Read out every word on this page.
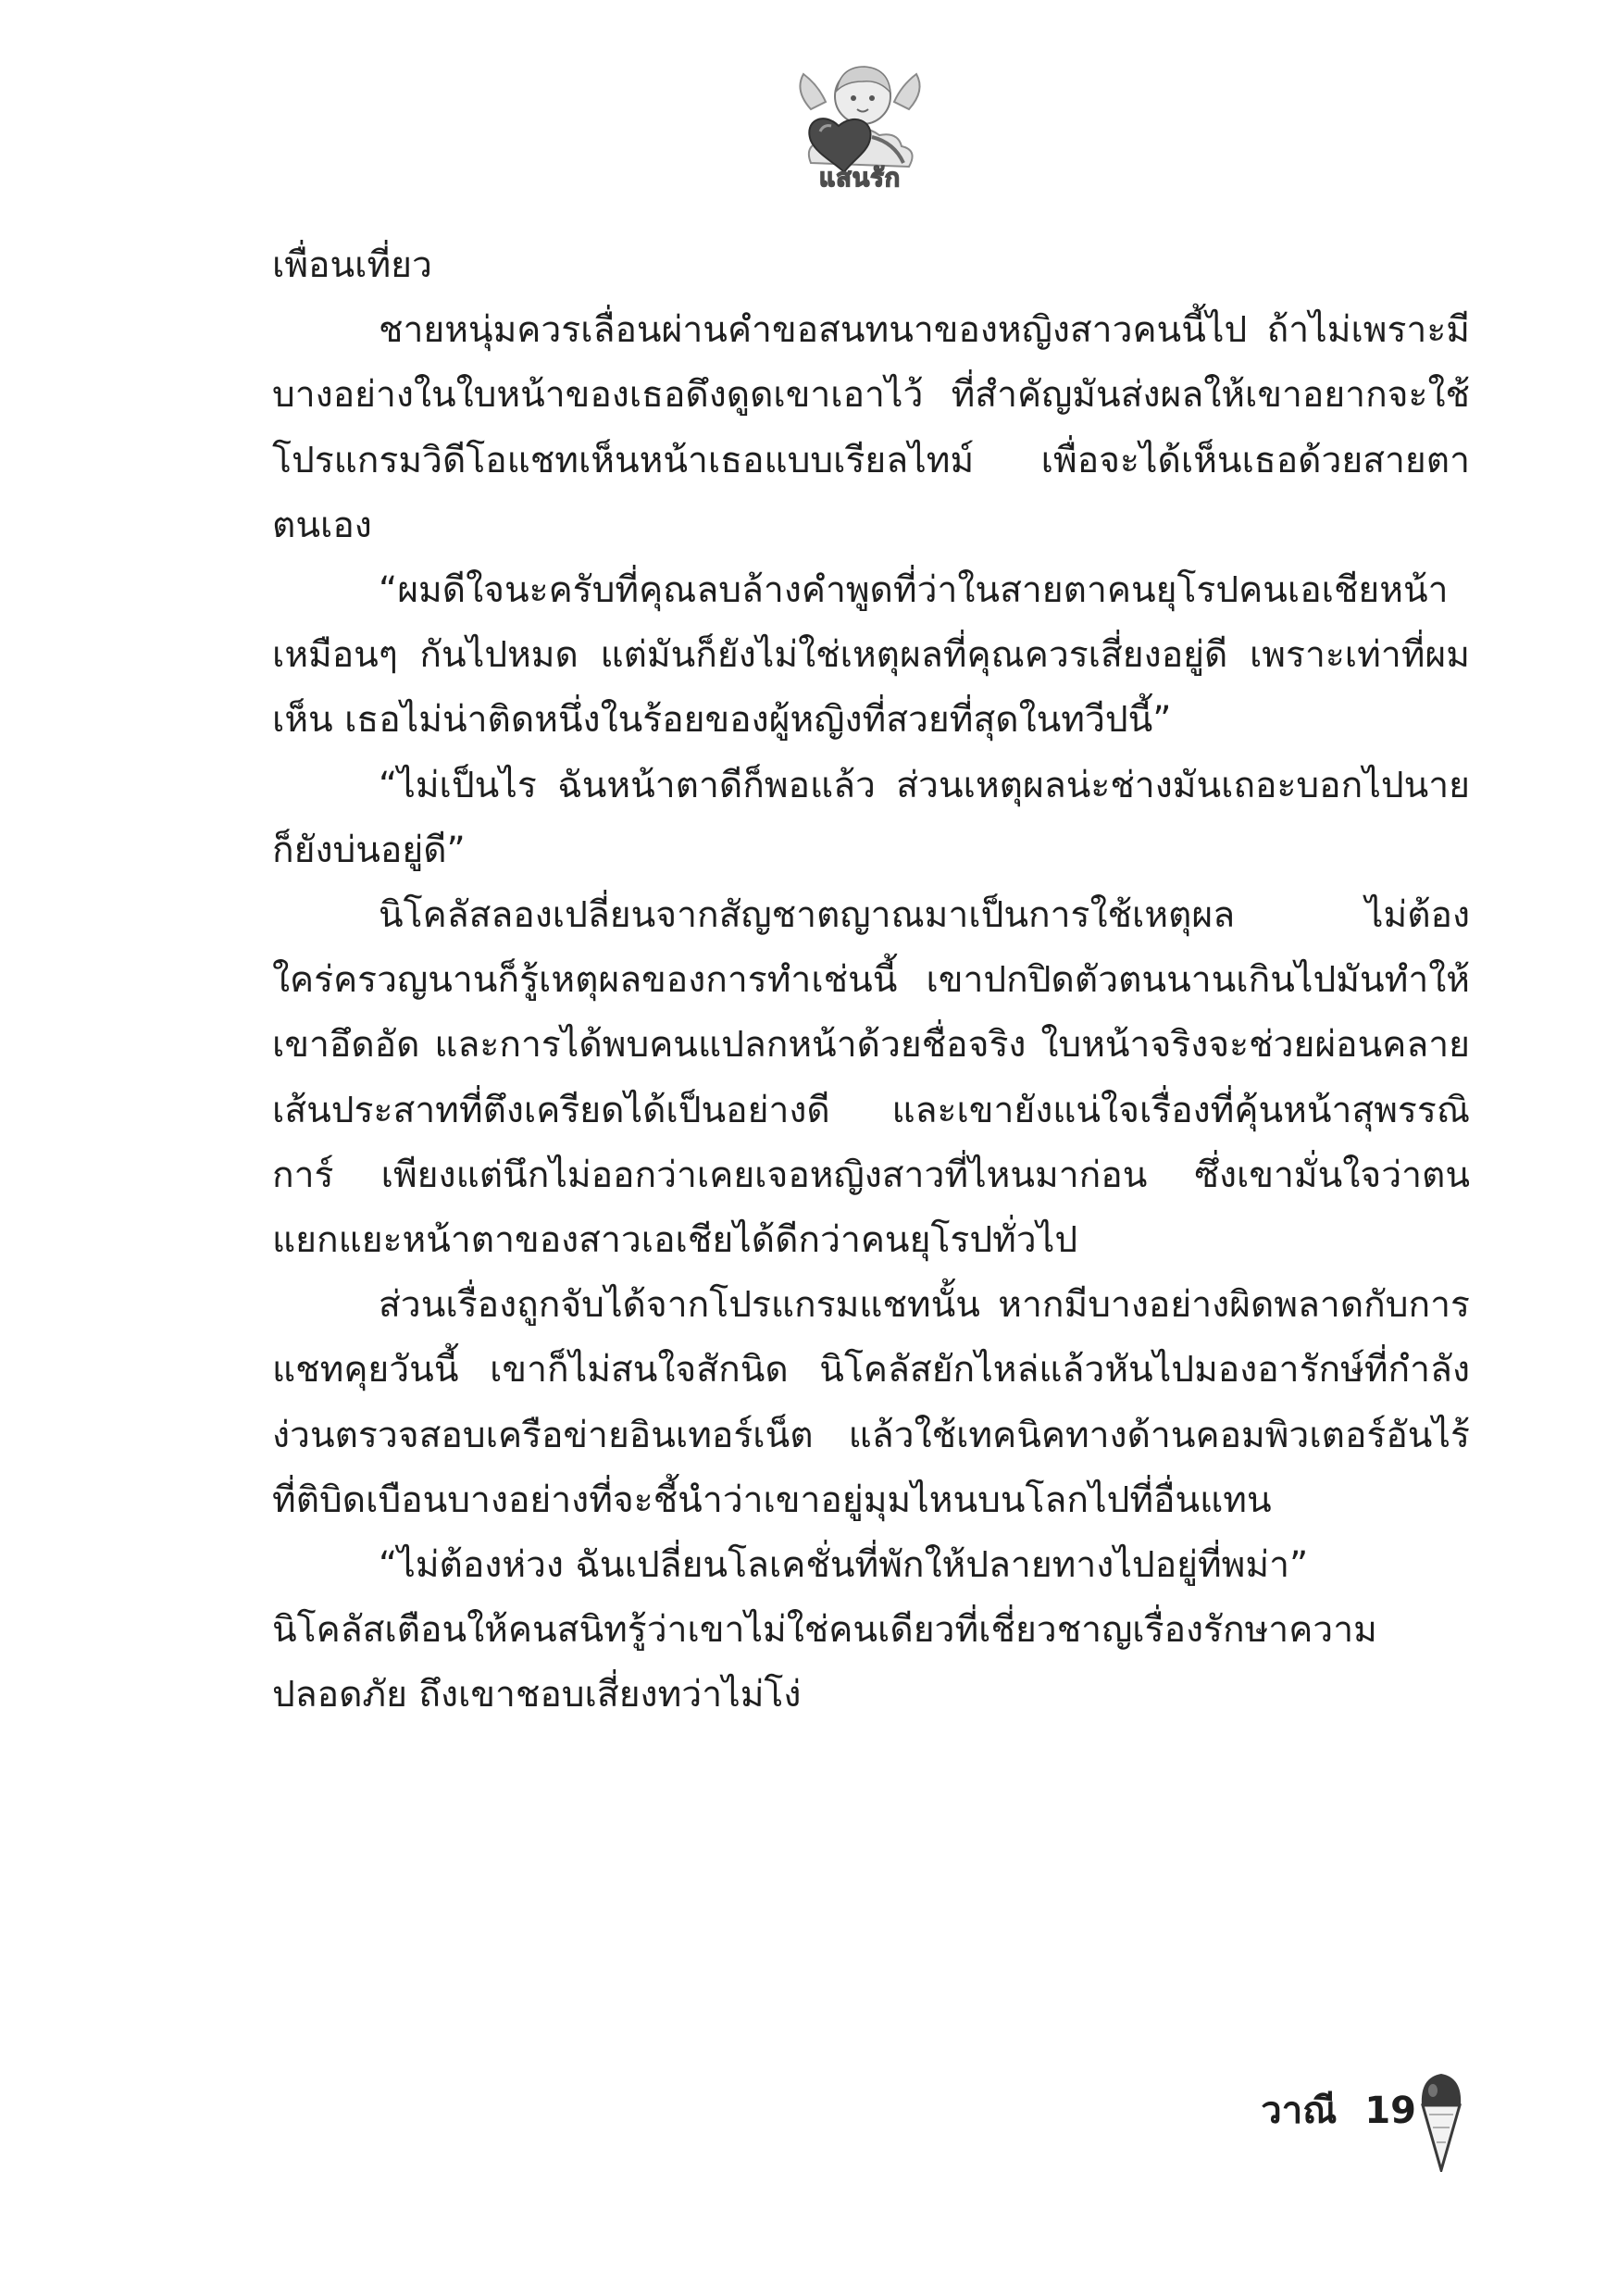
แสนรัก

เพื่อนเที่ยว

ชายหนุ่มควรเลื่อนผ่านคำขอสนทนาของหญิงสาวคนนี้ไป ถ้าไม่เพราะมีบางอย่างในใบหน้าของเธอดึงดูดเขาเอาไว้ ที่สำคัญมันส่งผลให้เขาอยากจะใช้โปรแกรมวิดีโอแชทเห็นหน้าเธอแบบเรียลไทม์ เพื่อจะได้เห็นเธอด้วยสายตาตนเอง

“ผมดีใจนะครับที่คุณลบล้างคำพูดที่ว่าในสายตาคนยุโรปคนเอเชียหน้าเหมือนๆ กันไปหมด แต่มันก็ยังไม่ใช่เหตุผลที่คุณควรเสี่ยงอยู่ดี เพราะเท่าที่ผมเห็น เธอไม่น่าติดหนึ่งในร้อยของผู้หญิงที่สวยที่สุดในทวีปนี้”

“ไม่เป็นไร ฉันหน้าตาดีก็พอแล้ว ส่วนเหตุผลน่ะช่างมันเถอะบอกไปนายก็ยังบ่นอยู่ดี”

นิโคลัสลองเปลี่ยนจากสัญชาตญาณมาเป็นการใช้เหตุผล ไม่ต้องใคร่ครวญนานก็รู้เหตุผลของการทำเช่นนี้ เขาปกปิดตัวตนนานเกินไปมันทำให้เขาอึดอัด และการได้พบคนแปลกหน้าด้วยชื่อจริง ใบหน้าจริงจะช่วยผ่อนคลายเส้นประสาทที่ตึงเครียดได้เป็นอย่างดี และเขายังแน่ใจเรื่องที่คุ้นหน้าสุพรรณิการ์ เพียงแต่นึกไม่ออกว่าเคยเจอหญิงสาวที่ไหนมาก่อน ซึ่งเขามั่นใจว่าตนแยกแยะหน้าตาของสาวเอเชียได้ดีกว่าคนยุโรปทั่วไป

ส่วนเรื่องถูกจับได้จากโปรแกรมแชทนั้น หากมีบางอย่างผิดพลาดกับการแชทคุยวันนี้ เขาก็ไม่สนใจสักนิด นิโคลัสยักไหล่แล้วหันไปมองอารักษ์ที่กำลังง่วนตรวจสอบเครือข่ายอินเทอร์เน็ต แล้วใช้เทคนิคทางด้านคอมพิวเตอร์อันไร้ที่ติบิดเบือนบางอย่างที่จะชี้นำว่าเขาอยู่มุมไหนบนโลกไปที่อื่นแทน

“ไม่ต้องห่วง ฉันเปลี่ยนโลเคชั่นที่พักให้ปลายทางไปอยู่ที่พม่า”

นิโคลัสเตือนให้คนสนิทรู้ว่าเขาไม่ใช่คนเดียวที่เชี่ยวชาญเรื่องรักษาความปลอดภัย ถึงเขาชอบเสี่ยงทว่าไม่โง่

วาณี 19
